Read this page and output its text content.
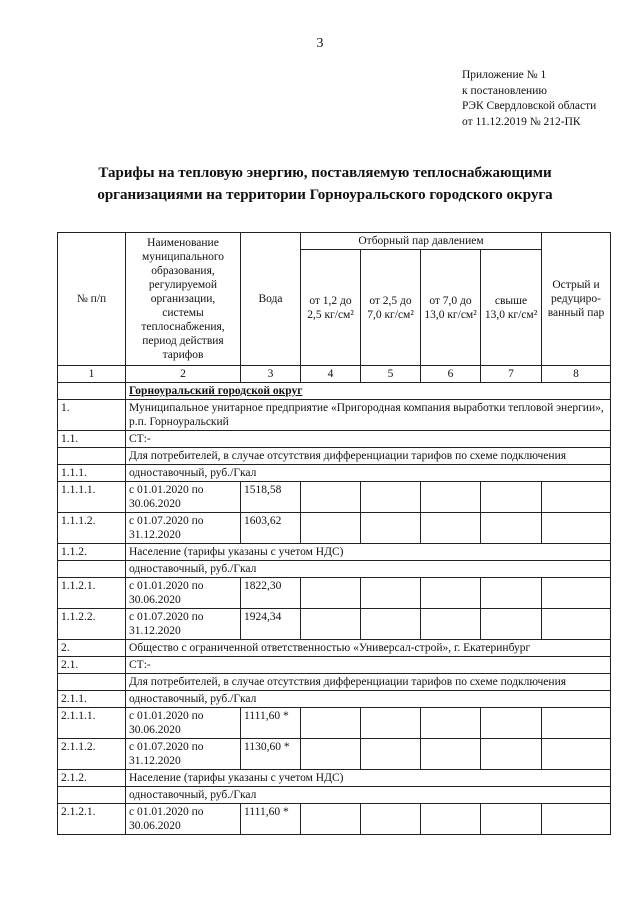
3
Приложение № 1
к постановлению
РЭК Свердловской области
от 11.12.2019 № 212-ПК
Тарифы на тепловую энергию, поставляемую теплоснабжающими
организациями на территории Горноуральского городского округа
№ п/п	Наименование муниципального образования, регулируемой организации, системы теплоснабжения, период действия тарифов	Вода	Отборный пар давлением				Острый и редуциро-ванный пар
			от 1,2 до 2,5 кг/см²	от 2,5 до 7,0 кг/см²	от 7,0 до 13,0 кг/см²	свыше 13,0 кг/см²	
1	2	3	4	5	6	7	8
	Горноуральский городской округ						
1.	Муниципальное унитарное предприятие «Пригородная компания выработки тепловой энергии», р.п. Горноуральский						
1.1.	СТ:-						
	Для потребителей, в случае отсутствия дифференциации тарифов по схеме подключения						
1.1.1.	одноставочный, руб./Гкал						
1.1.1.1.	с 01.01.2020 по 30.06.2020	1518,58					
1.1.1.2.	с 01.07.2020 по 31.12.2020	1603,62					
1.1.2.	Население (тарифы указаны с учетом НДС)						
	одноставочный, руб./Гкал						
1.1.2.1.	с 01.01.2020 по 30.06.2020	1822,30					
1.1.2.2.	с 01.07.2020 по 31.12.2020	1924,34					
2.	Общество с ограниченной ответственностью «Универсал-строй», г. Екатеринбург						
2.1.	СТ:-						
	Для потребителей, в случае отсутствия дифференциации тарифов по схеме подключения						
2.1.1.	одноставочный, руб./Гкал						
2.1.1.1.	с 01.01.2020 по 30.06.2020	1111,60 *					
2.1.1.2.	с 01.07.2020 по 31.12.2020	1130,60 *					
2.1.2.	Население (тарифы указаны с учетом НДС)						
	одноставочный, руб./Гкал						
2.1.2.1.	с 01.01.2020 по 30.06.2020	1111,60 *					
